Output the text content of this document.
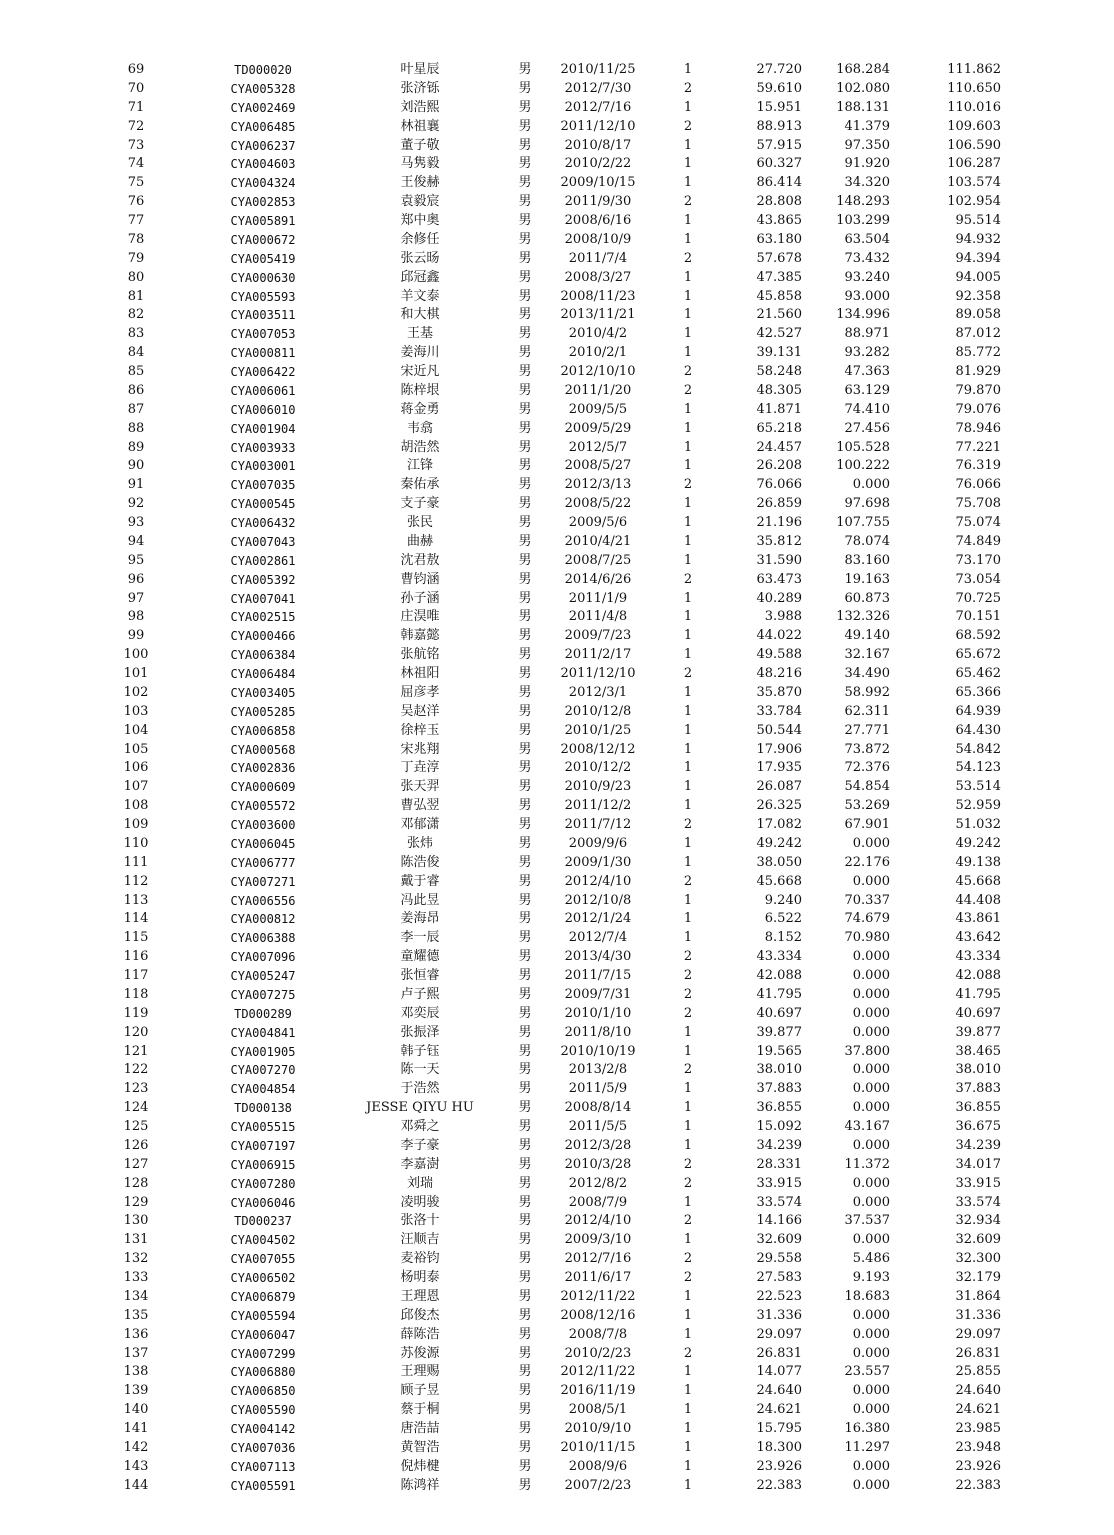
69	TD000020	叶星辰	男	2010/11/25	1	27.720	168.284	111.862
70	CYA005328	张济铄	男	2012/7/30	2	59.610	102.080	110.650
71	CYA002469	刘浩熙	男	2012/7/16	1	15.951	188.131	110.016
72	CYA006485	林祖襄	男	2011/12/10	2	88.913	41.379	109.603
73	CYA006237	董子敬	男	2010/8/17	1	57.915	97.350	106.590
74	CYA004603	马隽毅	男	2010/2/22	1	60.327	91.920	106.287
75	CYA004324	王俊赫	男	2009/10/15	1	86.414	34.320	103.574
76	CYA002853	袁毅宸	男	2011/9/30	2	28.808	148.293	102.954
77	CYA005891	郑中奥	男	2008/6/16	1	43.865	103.299	95.514
78	CYA000672	余修任	男	2008/10/9	1	63.180	63.504	94.932
79	CYA005419	张云旸	男	2011/7/4	2	57.678	73.432	94.394
80	CYA000630	邱冠鑫	男	2008/3/27	1	47.385	93.240	94.005
81	CYA005593	羊文泰	男	2008/11/23	1	45.858	93.000	92.358
82	CYA003511	和大棋	男	2013/11/21	1	21.560	134.996	89.058
83	CYA007053	王基	男	2010/4/2	1	42.527	88.971	87.012
84	CYA000811	姜海川	男	2010/2/1	1	39.131	93.282	85.772
85	CYA006422	宋近凡	男	2012/10/10	2	58.248	47.363	81.929
86	CYA006061	陈梓垠	男	2011/1/20	2	48.305	63.129	79.870
87	CYA006010	蒋金勇	男	2009/5/5	1	41.871	74.410	79.076
88	CYA001904	韦翕	男	2009/5/29	1	65.218	27.456	78.946
89	CYA003933	胡浩然	男	2012/5/7	1	24.457	105.528	77.221
90	CYA003001	江锋	男	2008/5/27	1	26.208	100.222	76.319
91	CYA007035	秦佑承	男	2012/3/13	2	76.066	0.000	76.066
92	CYA000545	支子豪	男	2008/5/22	1	26.859	97.698	75.708
93	CYA006432	张民	男	2009/5/6	1	21.196	107.755	75.074
94	CYA007043	曲赫	男	2010/4/21	1	35.812	78.074	74.849
95	CYA002861	沈君敖	男	2008/7/25	1	31.590	83.160	73.170
96	CYA005392	曹钧涵	男	2014/6/26	2	63.473	19.163	73.054
97	CYA007041	孙子涵	男	2011/1/9	1	40.289	60.873	70.725
98	CYA002515	庄淏唯	男	2011/4/8	1	3.988	132.326	70.151
99	CYA000466	韩嘉懿	男	2009/7/23	1	44.022	49.140	68.592
100	CYA006384	张航铭	男	2011/2/17	1	49.588	32.167	65.672
101	CYA006484	林祖阳	男	2011/12/10	2	48.216	34.490	65.462
102	CYA003405	屈彦孝	男	2012/3/1	1	35.870	58.992	65.366
103	CYA005285	吴赵洋	男	2010/12/8	1	33.784	62.311	64.939
104	CYA006858	徐梓玉	男	2010/1/25	1	50.544	27.771	64.430
105	CYA000568	宋兆翔	男	2008/12/12	1	17.906	73.872	54.842
106	CYA002836	丁垚淳	男	2010/12/2	1	17.935	72.376	54.123
107	CYA000609	张天羿	男	2010/9/23	1	26.087	54.854	53.514
108	CYA005572	曹弘翌	男	2011/12/2	1	26.325	53.269	52.959
109	CYA003600	邓郁潇	男	2011/7/12	2	17.082	67.901	51.032
110	CYA006045	张炜	男	2009/9/6	1	49.242	0.000	49.242
111	CYA006777	陈浩俊	男	2009/1/30	1	38.050	22.176	49.138
112	CYA007271	戴于睿	男	2012/4/10	2	45.668	0.000	45.668
113	CYA006556	冯此昱	男	2012/10/8	1	9.240	70.337	44.408
114	CYA000812	姜海昂	男	2012/1/24	1	6.522	74.679	43.861
115	CYA006388	李一辰	男	2012/7/4	1	8.152	70.980	43.642
116	CYA007096	童耀德	男	2013/4/30	2	43.334	0.000	43.334
117	CYA005247	张恒睿	男	2011/7/15	2	42.088	0.000	42.088
118	CYA007275	卢子熙	男	2009/7/31	2	41.795	0.000	41.795
119	TD000289	邓奕辰	男	2010/1/10	2	40.697	0.000	40.697
120	CYA004841	张振泽	男	2011/8/10	1	39.877	0.000	39.877
121	CYA001905	韩子钰	男	2010/10/19	1	19.565	37.800	38.465
122	CYA007270	陈一天	男	2013/2/8	2	38.010	0.000	38.010
123	CYA004854	于浩然	男	2011/5/9	1	37.883	0.000	37.883
124	TD000138	JESSE QIYU HU	男	2008/8/14	1	36.855	0.000	36.855
125	CYA005515	邓舜之	男	2011/5/5	1	15.092	43.167	36.675
126	CYA007197	李子豪	男	2012/3/28	1	34.239	0.000	34.239
127	CYA006915	李嘉澍	男	2010/3/28	2	28.331	11.372	34.017
128	CYA007280	刘瑞	男	2012/8/2	2	33.915	0.000	33.915
129	CYA006046	凌明骏	男	2008/7/9	1	33.574	0.000	33.574
130	TD000237	张洛十	男	2012/4/10	2	14.166	37.537	32.934
131	CYA004502	汪顺吉	男	2009/3/10	1	32.609	0.000	32.609
132	CYA007055	麦裕钧	男	2012/7/16	2	29.558	5.486	32.300
133	CYA006502	杨明泰	男	2011/6/17	2	27.583	9.193	32.179
134	CYA006879	王理恩	男	2012/11/22	1	22.523	18.683	31.864
135	CYA005594	邱俊杰	男	2008/12/16	1	31.336	0.000	31.336
136	CYA006047	薛陈浩	男	2008/7/8	1	29.097	0.000	29.097
137	CYA007299	苏俊源	男	2010/2/23	2	26.831	0.000	26.831
138	CYA006880	王理赐	男	2012/11/22	1	14.077	23.557	25.855
139	CYA006850	顾子昱	男	2016/11/19	1	24.640	0.000	24.640
140	CYA005590	蔡于桐	男	2008/5/1	1	24.621	0.000	24.621
141	CYA004142	唐浩喆	男	2010/9/10	1	15.795	16.380	23.985
142	CYA007036	黄智浩	男	2010/11/15	1	18.300	11.297	23.948
143	CYA007113	倪炜楗	男	2008/9/6	1	23.926	0.000	23.926
144	CYA005591	陈鸿祥	男	2007/2/23	1	22.383	0.000	22.383
